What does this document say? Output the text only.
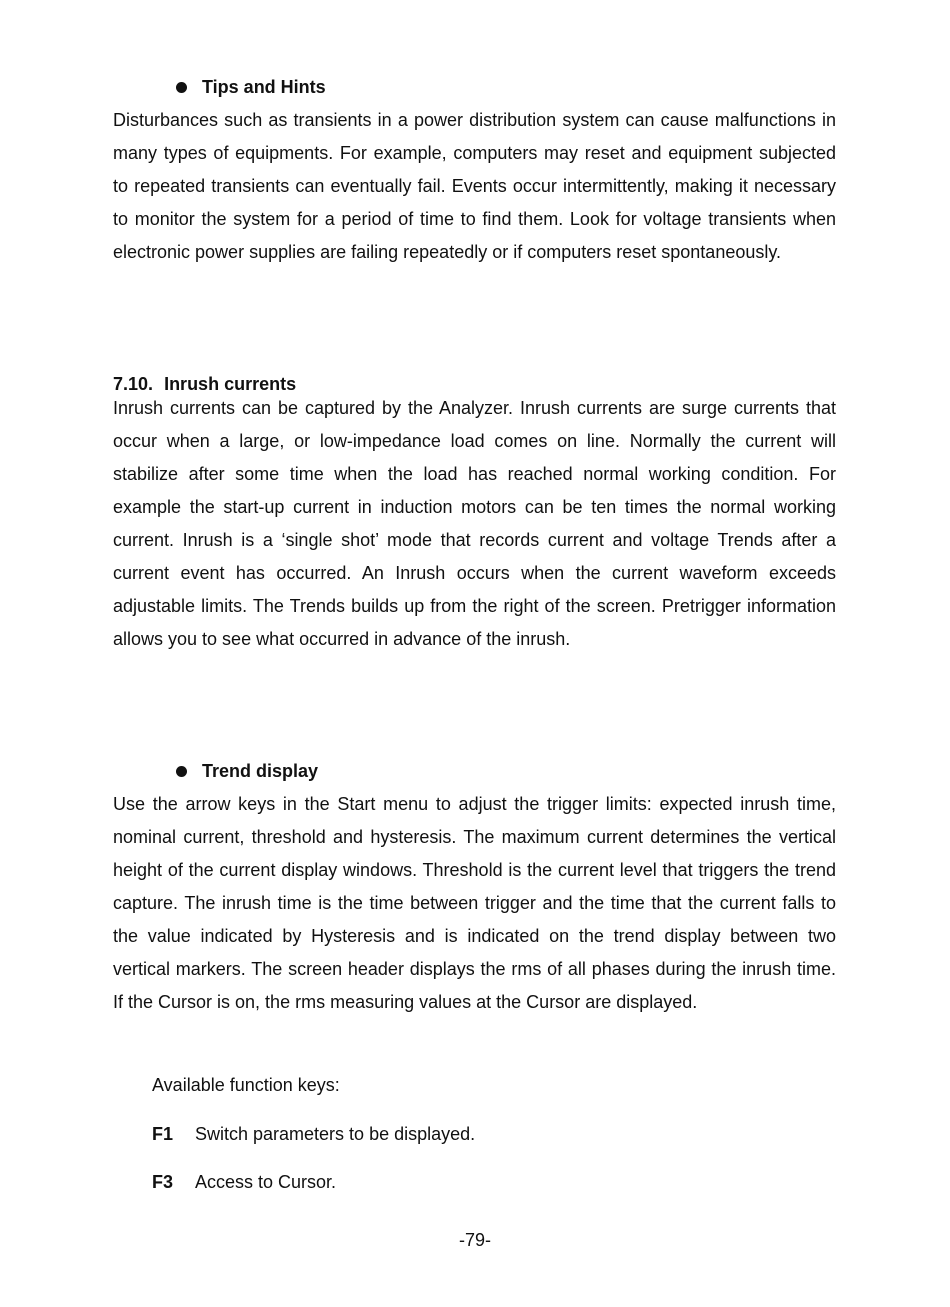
Tips and Hints

Disturbances such as transients in a power distribution system can cause malfunctions in many types of equipments. For example, computers may reset and equipment subjected to repeated transients can eventually fail. Events occur intermittently, making it necessary to monitor the system for a period of time to find them. Look for voltage transients when electronic power supplies are failing repeatedly or if computers reset spontaneously.

7.10. Inrush currents

Inrush currents can be captured by the Analyzer. Inrush currents are surge currents that occur when a large, or low-impedance load comes on line. Normally the current will stabilize after some time when the load has reached normal working condition. For example the start-up current in induction motors can be ten times the normal working current. Inrush is a ‘single shot’ mode that records current and voltage Trends after a current event has occurred. An Inrush occurs when the current waveform exceeds adjustable limits. The Trends builds up from the right of the screen. Pretrigger information allows you to see what occurred in advance of the inrush.

Trend display

Use the arrow keys in the Start menu to adjust the trigger limits: expected inrush time, nominal current, threshold and hysteresis. The maximum current determines the vertical height of the current display windows. Threshold is the current level that triggers the trend capture. The inrush time is the time between trigger and the time that the current falls to the value indicated by Hysteresis and is indicated on the trend display between two vertical markers. The screen header displays the rms of all phases during the inrush time. If the Cursor is on, the rms measuring values at the Cursor are displayed.

Available function keys:

F1	Switch parameters to be displayed.
F3	Access to Cursor.
-79-
